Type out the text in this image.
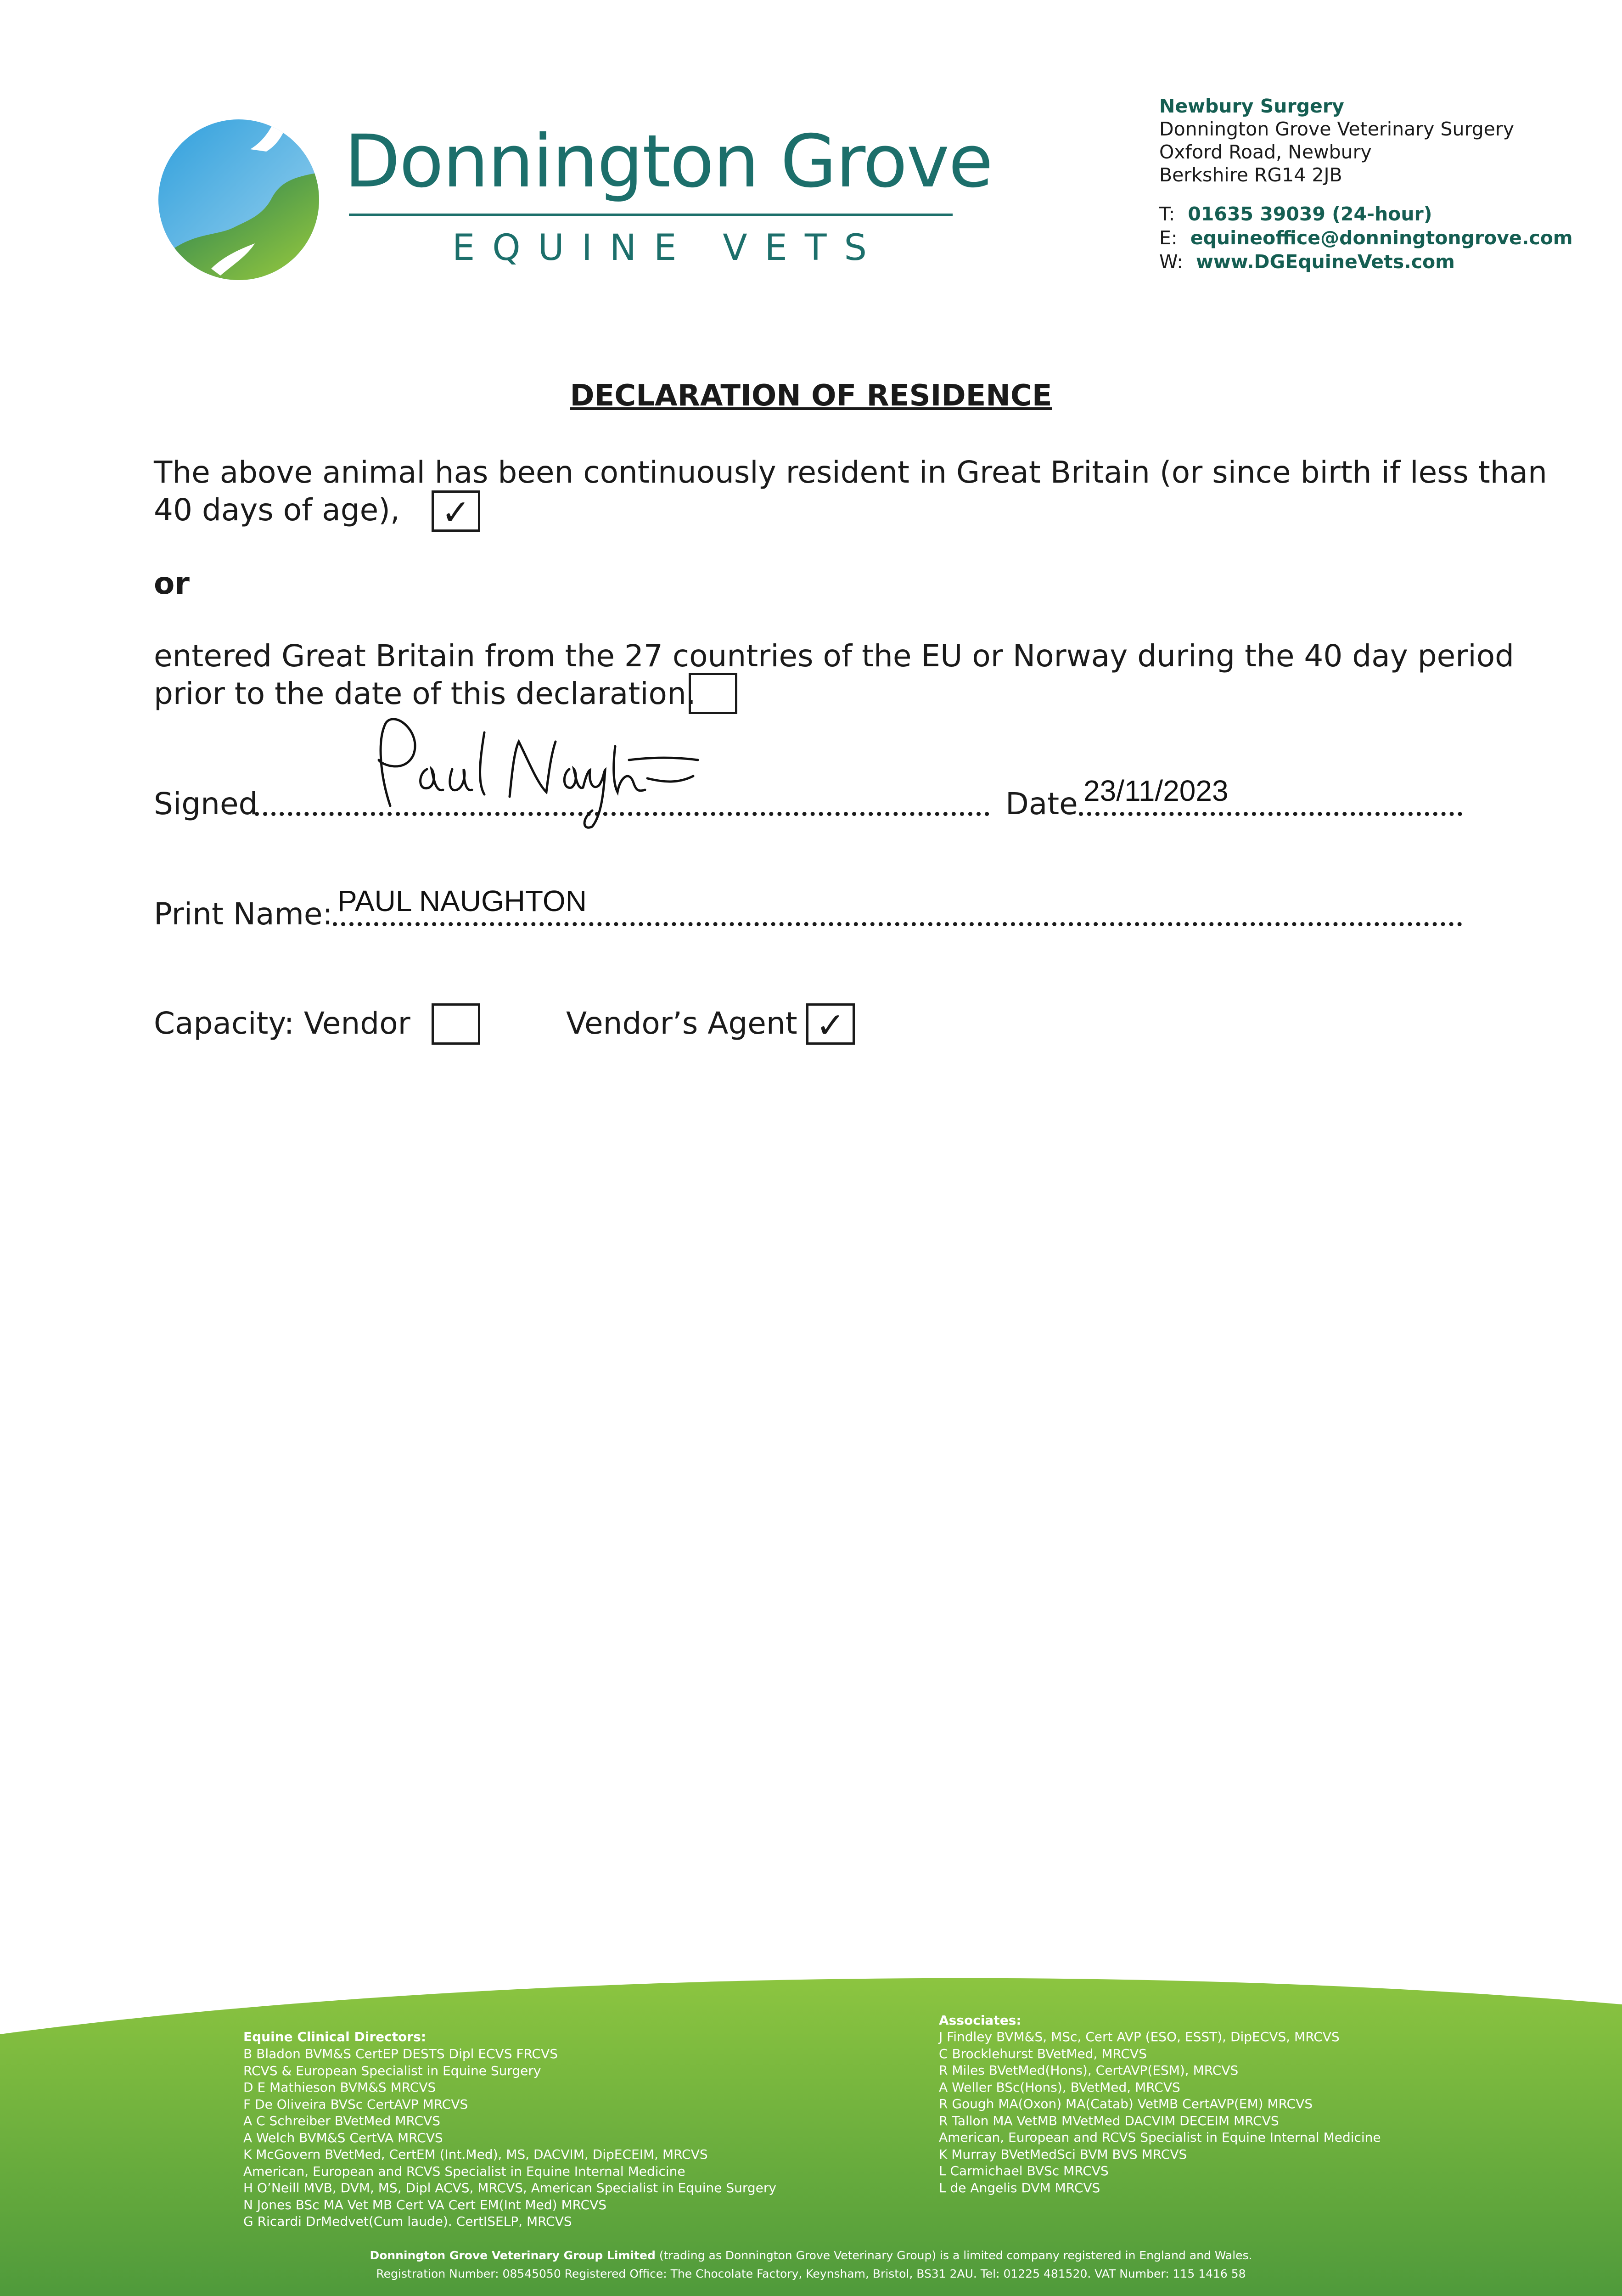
Donnington Grove
EQUINE VETS
Newbury Surgery
Donnington Grove Veterinary Surgery
Oxford Road, Newbury
Berkshire RG14 2JB
T: 01635 39039 (24-hour)
E: equineoffice@donningtongrove.com
W: www.DGEquineVets.com
DECLARATION OF RESIDENCE
The above animal has been continuously resident in Great Britain (or since birth if less than
40 days of age), ✓
or
entered Great Britain from the 27 countries of the EU or Norway during the 40 day period
prior to the date of this declaration.
Signed	Date 23/11/2023
Print Name: PAUL NAUGHTON
Capacity: Vendor	Vendor’s Agent ✓
Equine Clinical Directors:
B Bladon BVM&S CertEP DESTS Dipl ECVS FRCVS
RCVS & European Specialist in Equine Surgery
D E Mathieson BVM&S MRCVS
F De Oliveira BVSc CertAVP MRCVS
A C Schreiber BVetMed MRCVS
A Welch BVM&S CertVA MRCVS
K McGovern BVetMed, CertEM (Int.Med), MS, DACVIM, DipECEIM, MRCVS
American, European and RCVS Specialist in Equine Internal Medicine
H O’Neill MVB, DVM, MS, Dipl ACVS, MRCVS, American Specialist in Equine Surgery
N Jones BSc MA Vet MB Cert VA Cert EM(Int Med) MRCVS
G Ricardi DrMedvet(Cum laude). CertISELP, MRCVS
Associates:
J Findley BVM&S, MSc, Cert AVP (ESO, ESST), DipECVS, MRCVS
C Brocklehurst BVetMed, MRCVS
R Miles BVetMed(Hons), CertAVP(ESM), MRCVS
A Weller BSc(Hons), BVetMed, MRCVS
R Gough MA(Oxon) MA(Catab) VetMB CertAVP(EM) MRCVS
R Tallon MA VetMB MVetMed DACVIM DECEIM MRCVS
American, European and RCVS Specialist in Equine Internal Medicine
K Murray BVetMedSci BVM BVS MRCVS
L Carmichael BVSc MRCVS
L de Angelis DVM MRCVS
Donnington Grove Veterinary Group Limited (trading as Donnington Grove Veterinary Group) is a limited company registered in England and Wales.
Registration Number: 08545050 Registered Office: The Chocolate Factory, Keynsham, Bristol, BS31 2AU. Tel: 01225 481520. VAT Number: 115 1416 58
